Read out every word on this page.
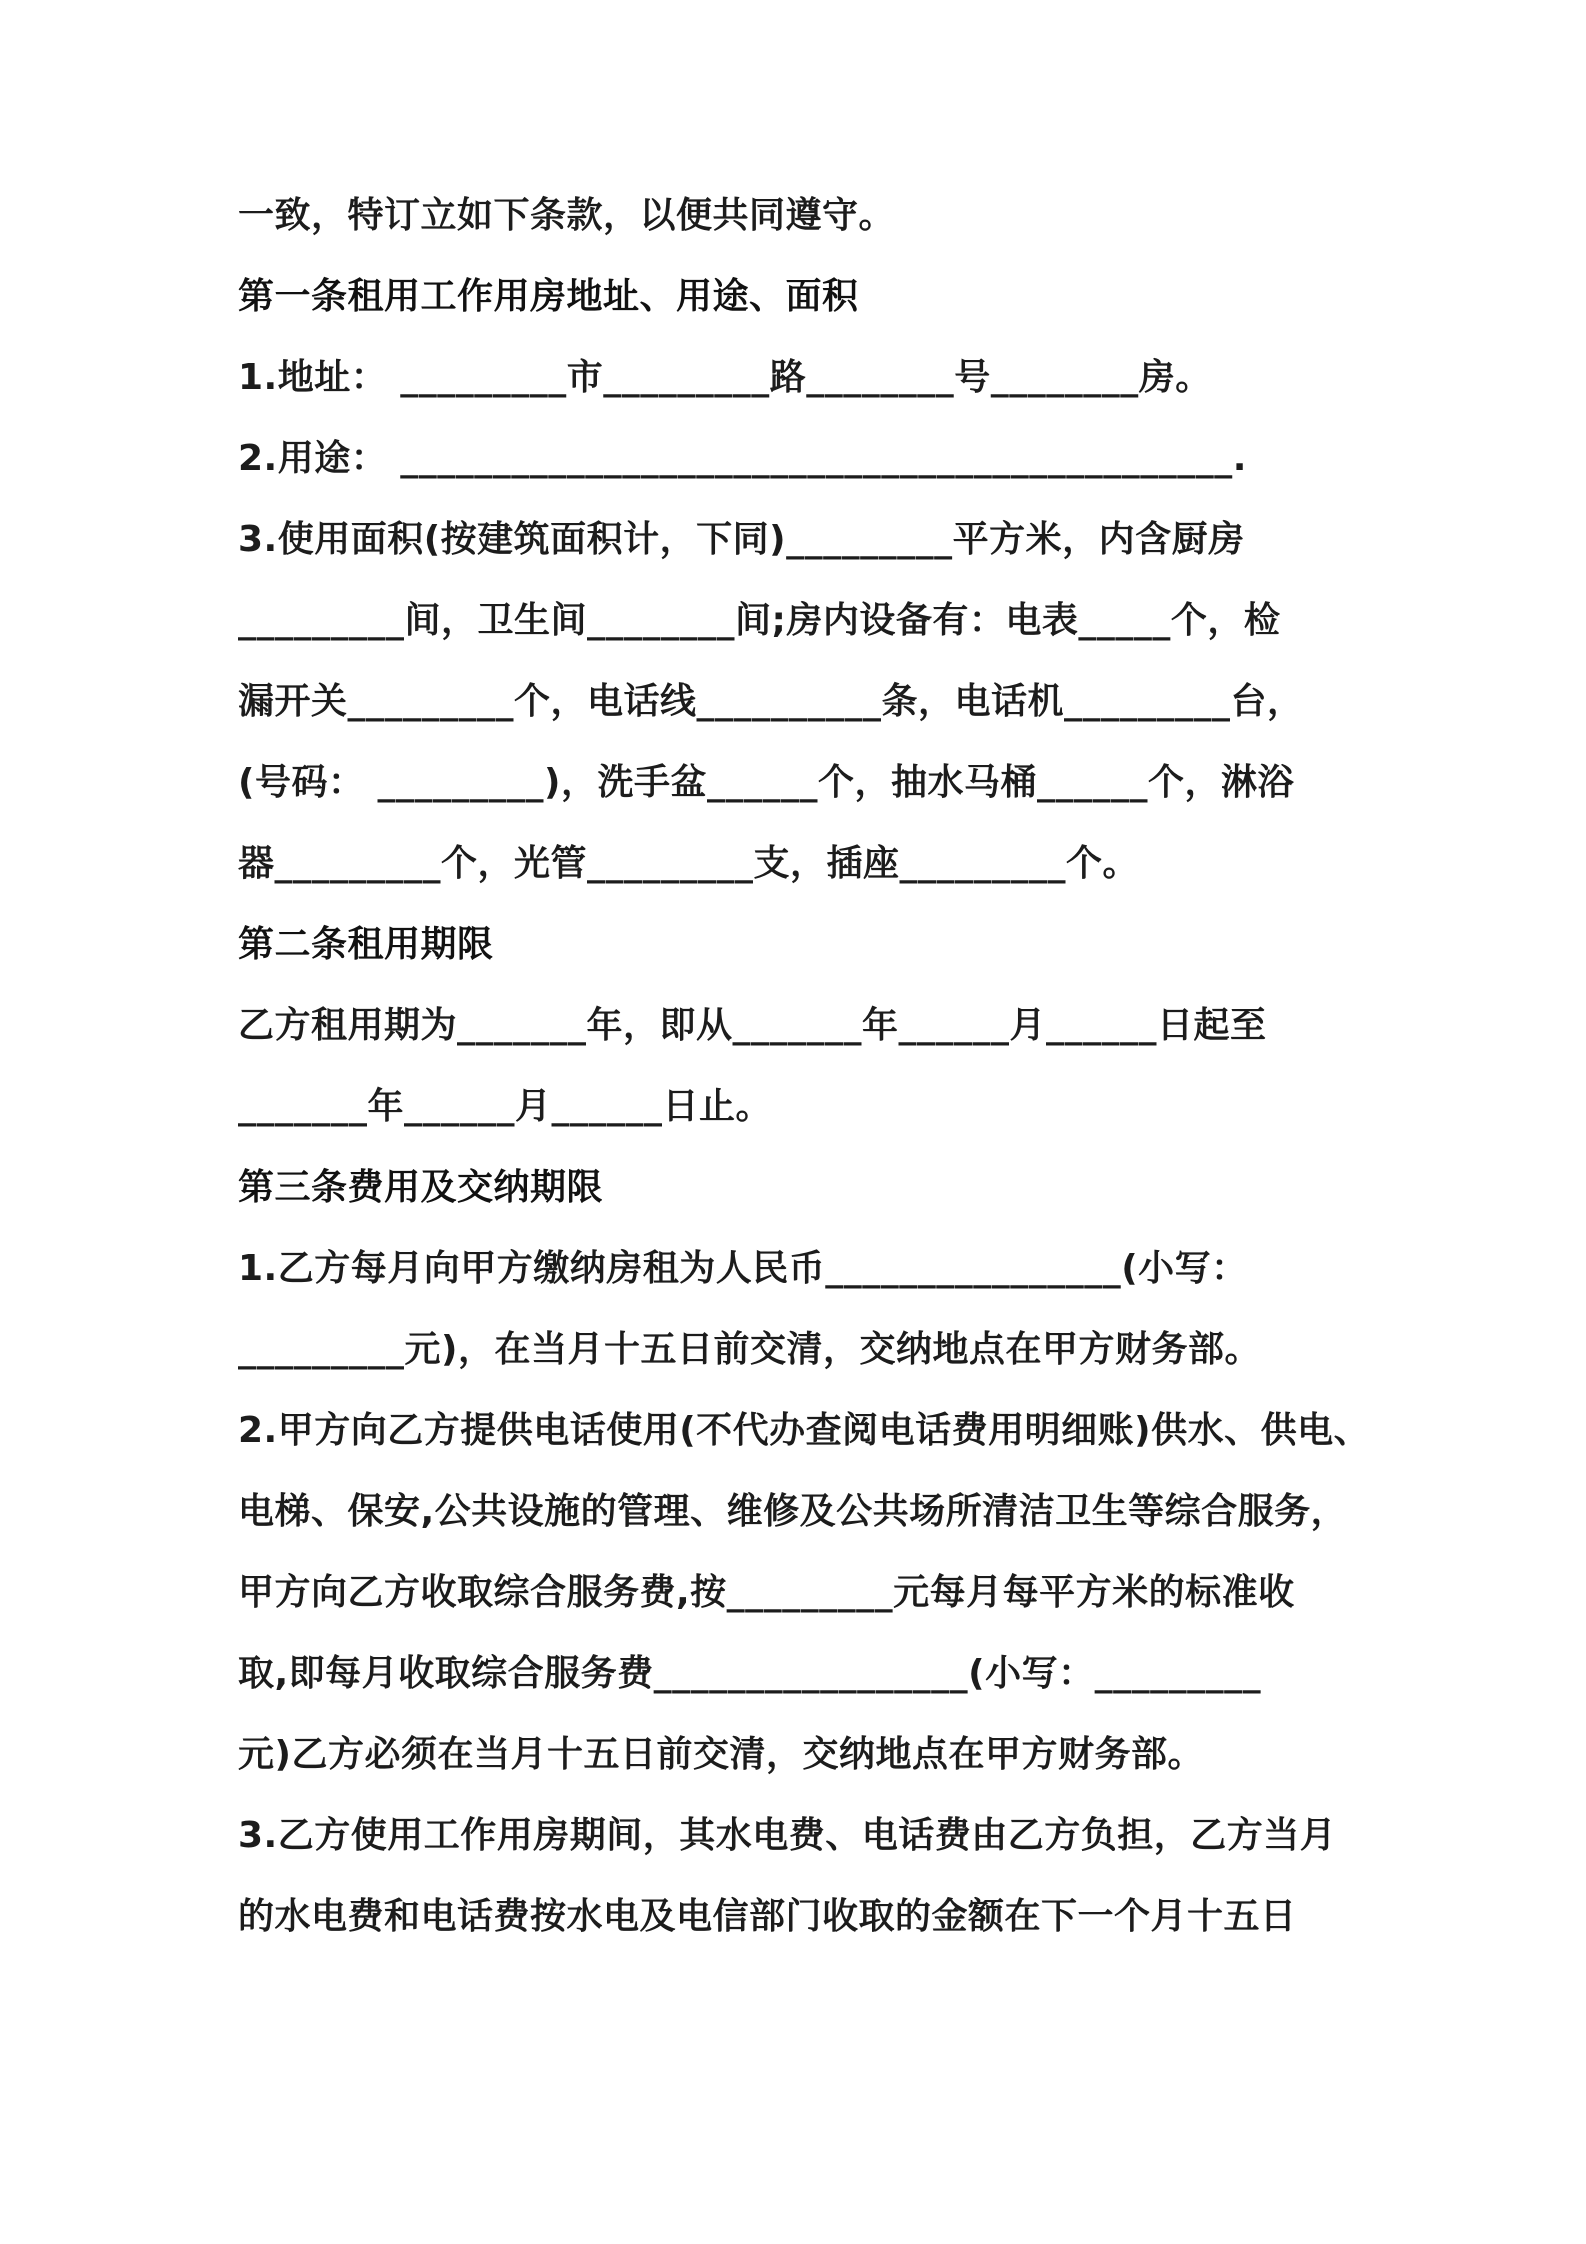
一致，特订立如下条款，以便共同遵守。
第一条租用工作用房地址、用途、面积
1.地址： _________市_________路________号________房。
2.用途： _____________________________________________.
3.使用面积(按建筑面积计，下同)_________平方米，内含厨房
_________间，卫生间________间;房内设备有：电表_____个，检
漏开关_________个，电话线__________条，电话机_________台，
(号码： _________)，洗手盆______个，抽水马桶______个，淋浴
器_________个，光管_________支，插座_________个。
第二条租用期限
乙方租用期为_______年，即从_______年______月______日起至
_______年______月______日止。
第三条费用及交纳期限
1.乙方每月向甲方缴纳房租为人民币________________(小写：
_________元)，在当月十五日前交清，交纳地点在甲方财务部。
2.甲方向乙方提供电话使用(不代办查阅电话费用明细账)供水、供电、
电梯、保安,公共设施的管理、维修及公共场所清洁卫生等综合服务，
甲方向乙方收取综合服务费,按_________元每月每平方米的标准收
取,即每月收取综合服务费_________________(小写：_________
元)乙方必须在当月十五日前交清，交纳地点在甲方财务部。
3.乙方使用工作用房期间，其水电费、电话费由乙方负担，乙方当月
的水电费和电话费按水电及电信部门收取的金额在下一个月十五日
